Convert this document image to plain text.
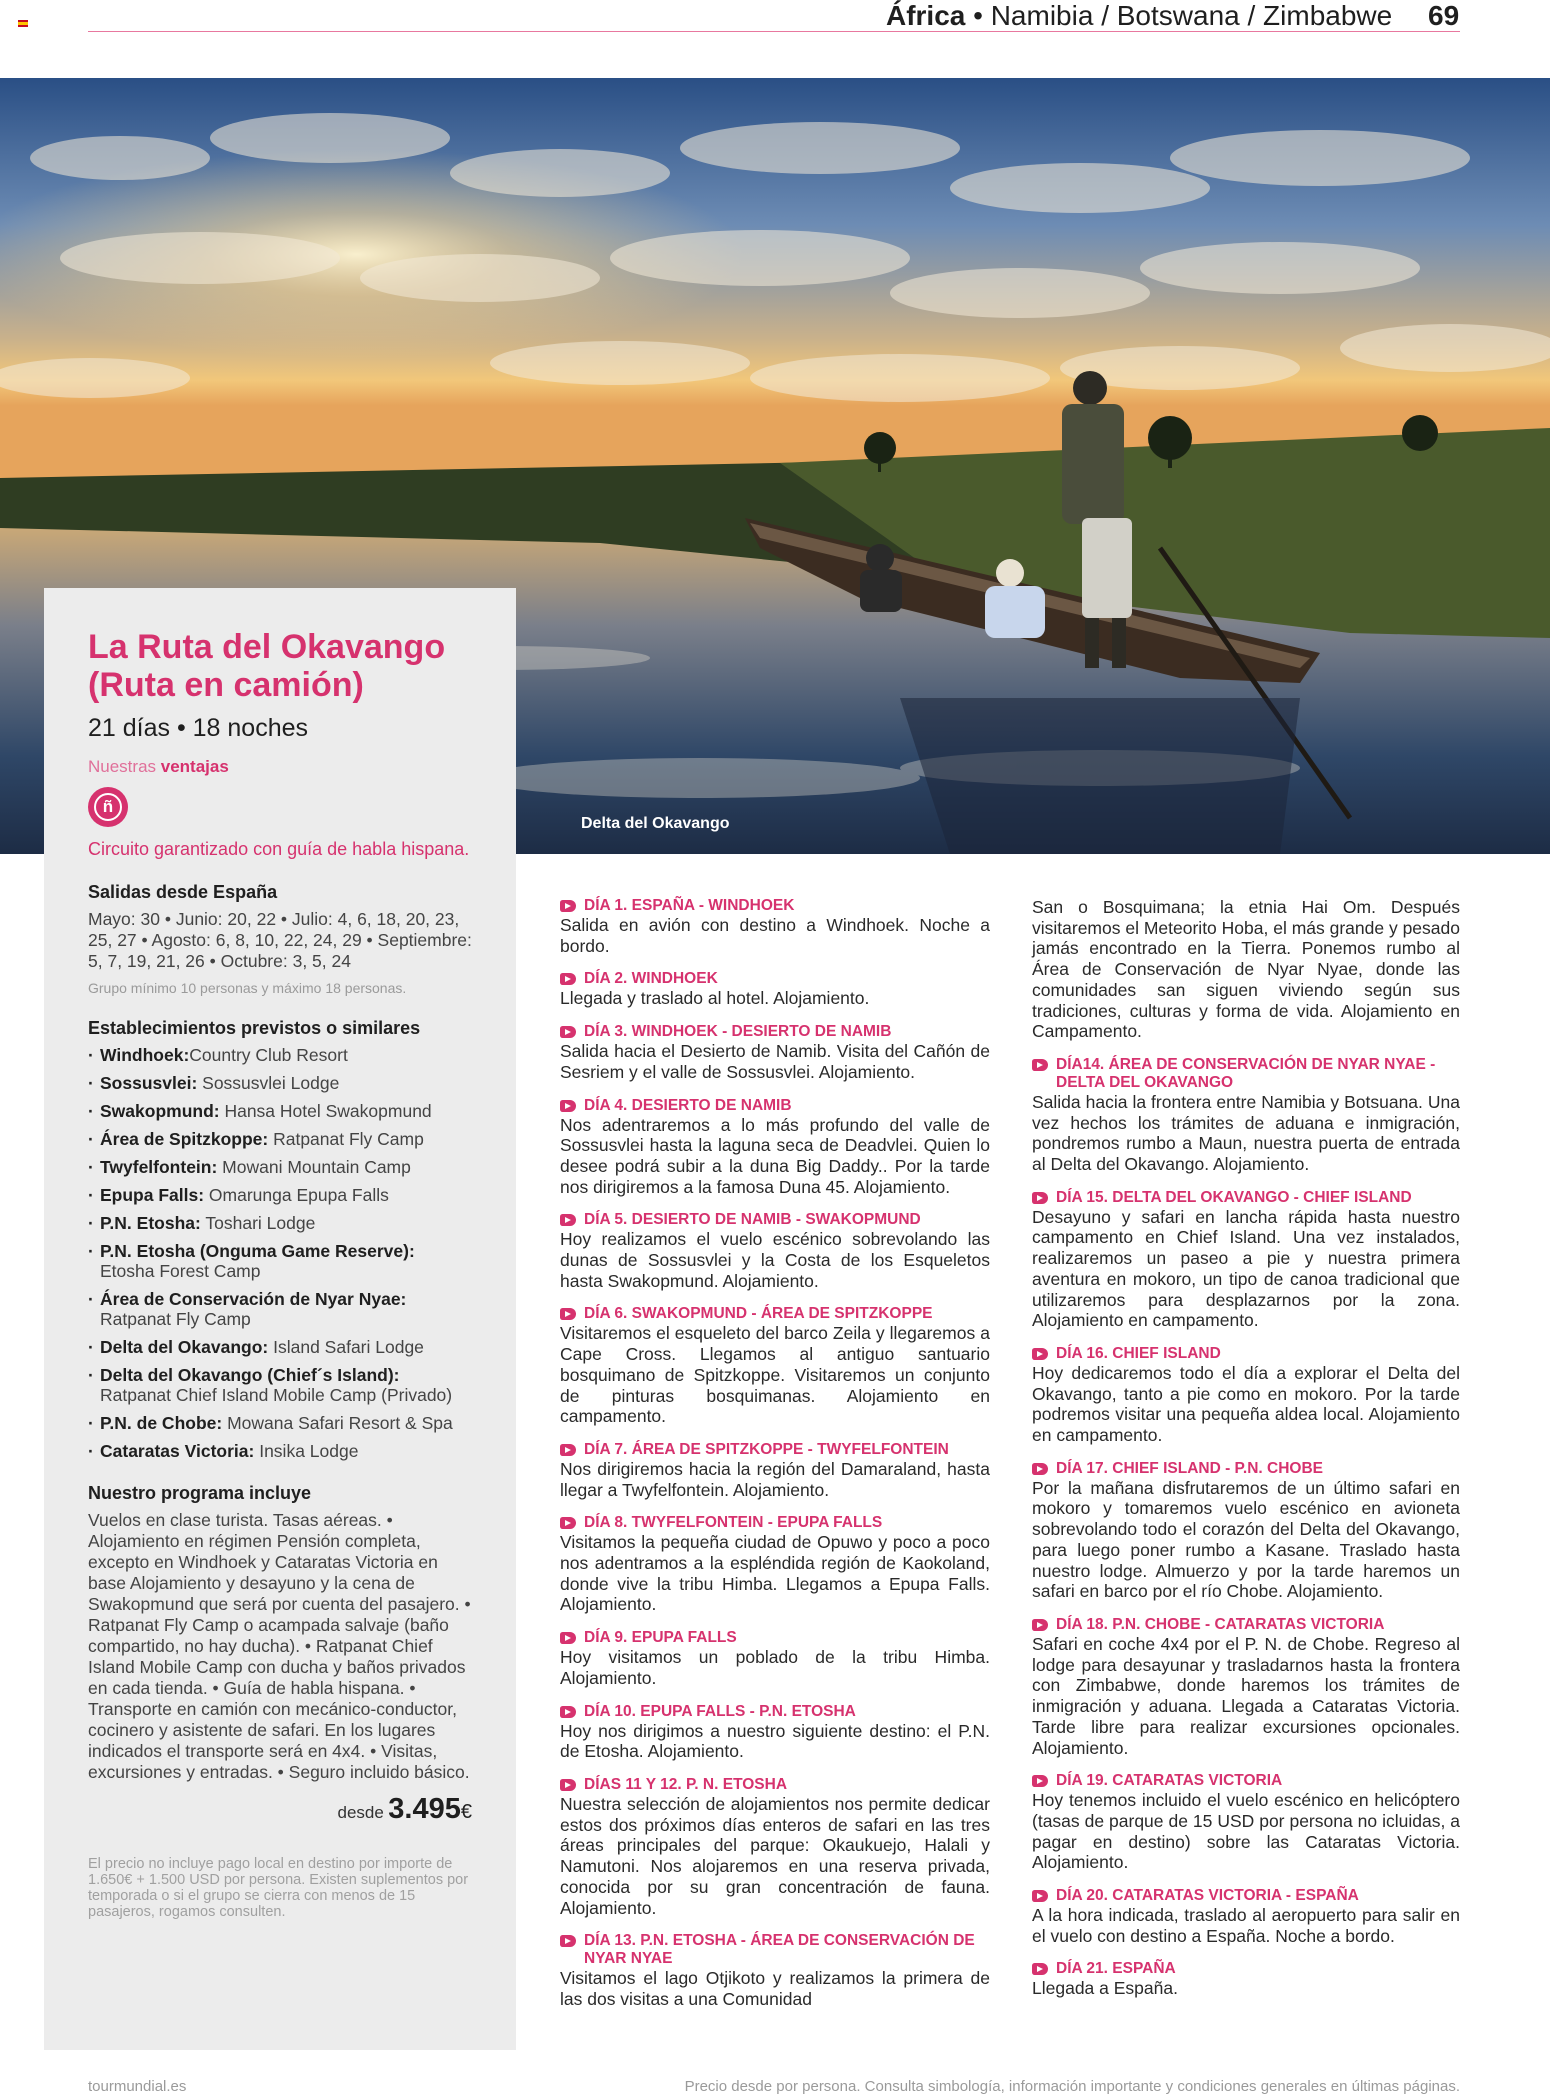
África • Namibia / Botswana / Zimbabwe	69
Delta del Okavango
La Ruta del Okavango (Ruta en camión)
21 días • 18 noches
Nuestras ventajas
ñ
Circuito garantizado con guía de habla hispana.
Salidas desde España
Mayo: 30 • Junio: 20, 22 • Julio: 4, 6, 18, 20, 23, 25, 27 • Agosto: 6, 8, 10, 22, 24, 29 • Septiembre: 5, 7, 19, 21, 26 • Octubre: 3, 5, 24
Grupo mínimo 10 personas y máximo 18 personas.
Establecimientos previstos o similares
· Windhoek:Country Club Resort
· Sossusvlei: Sossusvlei Lodge
· Swakopmund: Hansa Hotel Swakopmund
· Área de Spitzkoppe: Ratpanat Fly Camp
· Twyfelfontein: Mowani Mountain Camp
· Epupa Falls: Omarunga Epupa Falls
· P.N. Etosha: Toshari Lodge
· P.N. Etosha (Onguma Game Reserve): Etosha Forest Camp
· Área de Conservación de Nyar Nyae: Ratpanat Fly Camp
· Delta del Okavango: Island Safari Lodge
· Delta del Okavango (Chief´s Island): Ratpanat Chief Island Mobile Camp (Privado)
· P.N. de Chobe: Mowana Safari Resort & Spa
· Cataratas Victoria: Insika Lodge
Nuestro programa incluye
Vuelos en clase turista. Tasas aéreas. • Alojamiento en régimen Pensión completa, excepto en Windhoek y Cataratas Victoria en base Alojamiento y desayuno y la cena de Swakopmund que será por cuenta del pasajero. • Ratpanat Fly Camp o acampada salvaje (baño compartido, no hay ducha). • Ratpanat Chief Island Mobile Camp con ducha y baños privados en cada tienda. • Guía de habla hispana. • Transporte en camión con mecánico-conductor, cocinero y asistente de safari. En los lugares indicados el transporte será en 4x4. • Visitas, excursiones y entradas. • Seguro incluido básico.
desde 3.495€
El precio no incluye pago local en destino por importe de 1.650€ + 1.500 USD por persona. Existen suplementos por temporada o si el grupo se cierra con menos de 15 pasajeros, rogamos consulten.
DÍA 1. ESPAÑA - WINDHOEK
Salida en avión con destino a Windhoek. Noche a bordo.
DÍA 2. WINDHOEK
Llegada y traslado al hotel. Alojamiento.
DÍA 3. WINDHOEK - DESIERTO DE NAMIB
Salida hacia el Desierto de Namib. Visita del Cañón de Sesriem y el valle de Sossusvlei. Alojamiento.
DÍA 4. DESIERTO DE NAMIB
Nos adentraremos a lo más profundo del valle de Sossusvlei hasta la laguna seca de Deadvlei. Quien lo desee podrá subir a la duna Big Daddy.. Por la tarde nos dirigiremos a la famosa Duna 45. Alojamiento.
DÍA 5. DESIERTO DE NAMIB - SWAKOPMUND
Hoy realizamos el vuelo escénico sobrevolando las dunas de Sossusvlei y la Costa de los Esqueletos hasta Swakopmund. Alojamiento.
DÍA 6. SWAKOPMUND - ÁREA DE SPITZKOPPE
Visitaremos el esqueleto del barco Zeila y llegaremos a Cape Cross. Llegamos al antiguo santuario bosquimano de Spitzkoppe. Visitaremos un conjunto de pinturas bosquimanas. Alojamiento en campamento.
DÍA 7. ÁREA DE SPITZKOPPE - TWYFELFONTEIN
Nos dirigiremos hacia la región del Damaraland, hasta llegar a Twyfelfontein. Alojamiento.
DÍA 8. TWYFELFONTEIN - EPUPA FALLS
Visitamos la pequeña ciudad de Opuwo y poco a poco nos adentramos a la espléndida región de Kaokoland, donde vive la tribu Himba. Llegamos a Epupa Falls. Alojamiento.
DÍA 9. EPUPA FALLS
Hoy visitamos un poblado de la tribu Himba. Alojamiento.
DÍA 10. EPUPA FALLS - P.N. ETOSHA
Hoy nos dirigimos a nuestro siguiente destino: el P.N. de Etosha. Alojamiento.
DÍAS 11 Y 12. P. N. ETOSHA
Nuestra selección de alojamientos nos permite dedicar estos dos próximos días enteros de safari en las tres áreas principales del parque: Okaukuejo, Halali y Namutoni. Nos alojaremos en una reserva privada, conocida por su gran concentración de fauna. Alojamiento.
DÍA 13. P.N. ETOSHA - ÁREA DE CONSERVACIÓN DE NYAR NYAE
Visitamos el lago Otjikoto y realizamos la primera de las dos visitas a una Comunidad
San o Bosquimana; la etnia Hai Om. Después visitaremos el Meteorito Hoba, el más grande y pesado jamás encontrado en la Tierra. Ponemos rumbo al Área de Conservación de Nyar Nyae, donde las comunidades san siguen viviendo según sus tradiciones, culturas y forma de vida. Alojamiento en Campamento.
DÍA14. ÁREA DE CONSERVACIÓN DE NYAR NYAE - DELTA DEL OKAVANGO
Salida hacia la frontera entre Namibia y Botsuana. Una vez hechos los trámites de aduana e inmigración, pondremos rumbo a Maun, nuestra puerta de entrada al Delta del Okavango. Alojamiento.
DÍA 15. DELTA DEL OKAVANGO - CHIEF ISLAND
Desayuno y safari en lancha rápida hasta nuestro campamento en Chief Island. Una vez instalados, realizaremos un paseo a pie y nuestra primera aventura en mokoro, un tipo de canoa tradicional que utilizaremos para desplazarnos por la zona. Alojamiento en campamento.
DÍA 16. CHIEF ISLAND
Hoy dedicaremos todo el día a explorar el Delta del Okavango, tanto a pie como en mokoro. Por la tarde podremos visitar una pequeña aldea local. Alojamiento en campamento.
DÍA 17. CHIEF ISLAND - P.N. CHOBE
Por la mañana disfrutaremos de un último safari en mokoro y tomaremos vuelo escénico en avioneta sobrevolando todo el corazón del Delta del Okavango, para luego poner rumbo a Kasane. Traslado hasta nuestro lodge. Almuerzo y por la tarde haremos un safari en barco por el río Chobe. Alojamiento.
DÍA 18. P.N. CHOBE - CATARATAS VICTORIA
Safari en coche 4x4 por el P. N. de Chobe. Regreso al lodge para desayunar y trasladarnos hasta la frontera con Zimbabwe, donde haremos los trámites de inmigración y aduana. Llegada a Cataratas Victoria. Tarde libre para realizar excursiones opcionales. Alojamiento.
DÍA 19. CATARATAS VICTORIA
Hoy tenemos incluido el vuelo escénico en helicóptero (tasas de parque de 15 USD por persona no icluidas, a pagar en destino) sobre las Cataratas Victoria. Alojamiento.
DÍA 20. CATARATAS VICTORIA - ESPAÑA
A la hora indicada, traslado al aeropuerto para salir en el vuelo con destino a España. Noche a bordo.
DÍA 21. ESPAÑA
Llegada a España.
tourmundial.es	Precio desde por persona. Consulta simbología, información importante y condiciones generales en últimas páginas.
